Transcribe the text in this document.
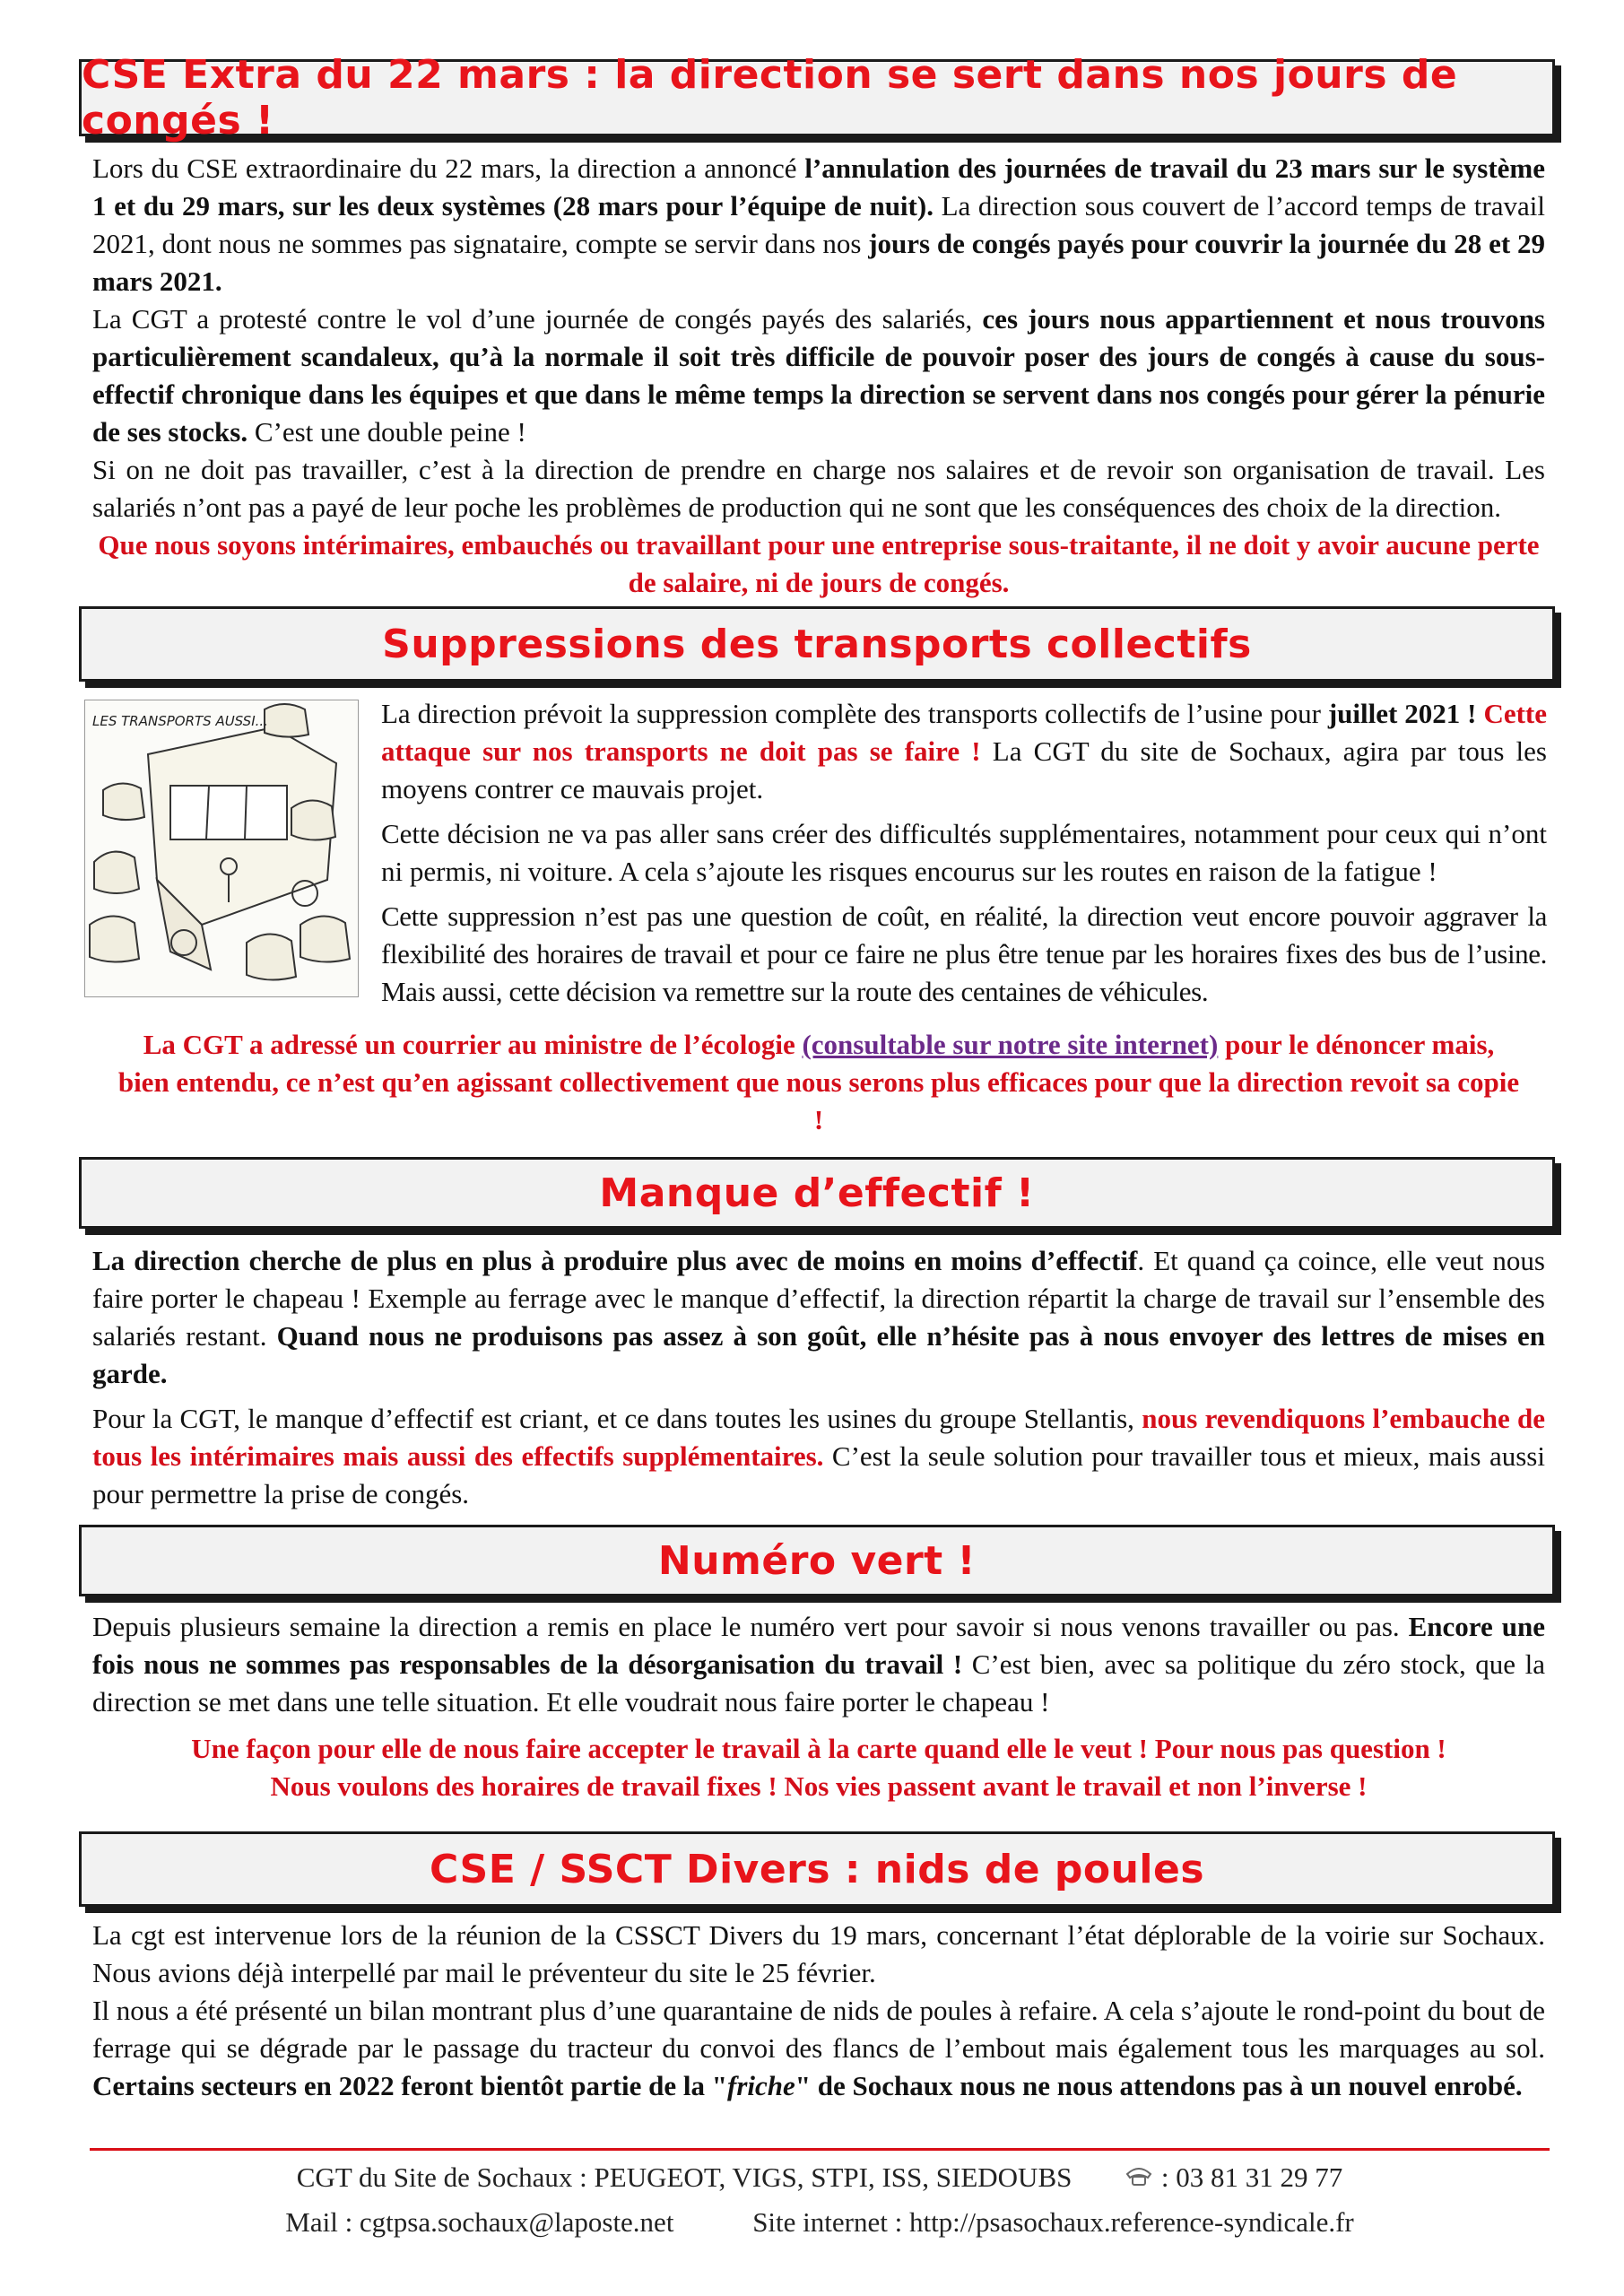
CSE Extra du 22 mars : la direction se sert dans nos jours de congés !

Lors du CSE extraordinaire du 22 mars, la direction a annoncé l’annulation des journées de travail du 23 mars sur le système 1 et du 29 mars, sur les deux systèmes (28 mars pour l’équipe de nuit). La direction sous couvert de l’accord temps de travail 2021, dont nous ne sommes pas signataire, compte se servir dans nos jours de congés payés pour couvrir la journée du 28 et 29 mars 2021.

La CGT a protesté contre le vol d’une journée de congés payés des salariés, ces jours nous appartiennent et nous trouvons particulièrement scandaleux, qu’à la normale il soit très difficile de pouvoir poser des jours de congés à cause du sous-effectif chronique dans les équipes et que dans le même temps la direction se servent dans nos congés pour gérer la pénurie de ses stocks. C’est une double peine !

Si on ne doit pas travailler, c’est à la direction de prendre en charge nos salaires et de revoir son organisation de travail. Les salariés n’ont pas a payé de leur poche les problèmes de production qui ne sont que les conséquences des choix de la direction.

Que nous soyons intérimaires, embauchés ou travaillant pour une entreprise sous-traitante, il ne doit y avoir aucune perte de salaire, ni de jours de congés.

Suppressions des transports collectifs
LES TRANSPORTS AUSSI...	La direction prévoit la suppression complète des transports collectifs de l’usine pour juillet 2021 ! Cette attaque sur nos transports ne doit pas se faire ! La CGT du site de Sochaux, agira par tous les moyens contrer ce mauvais projet.

Cette décision ne va pas aller sans créer des difficultés supplémentaires, notamment pour ceux qui n’ont ni permis, ni voiture. A cela s’ajoute les risques encourus sur les routes en raison de la fatigue !

Cette suppression n’est pas une question de coût, en réalité, la direction veut encore pouvoir aggraver la flexibilité des horaires de travail et pour ce faire ne plus être tenue par les horaires fixes des bus de l’usine. Mais aussi, cette décision va remettre sur la route des centaines de véhicules.

La CGT a adressé un courrier au ministre de l’écologie (consultable sur notre site internet) pour le dénoncer mais, bien entendu, ce n’est qu’en agissant collectivement que nous serons plus efficaces pour que la direction revoit sa copie !

Manque d’effectif !

La direction cherche de plus en plus à produire plus avec de moins en moins d’effectif. Et quand ça coince, elle veut nous faire porter le chapeau ! Exemple au ferrage avec le manque d’effectif, la direction répartit la charge de travail sur l’ensemble des salariés restant. Quand nous ne produisons pas assez à son goût, elle n’hésite pas à nous envoyer des lettres de mises en garde.

Pour la CGT, le manque d’effectif est criant, et ce dans toutes les usines du groupe Stellantis, nous revendiquons l’embauche de tous les intérimaires mais aussi des effectifs supplémentaires. C’est la seule solution pour travailler tous et mieux, mais aussi pour permettre la prise de congés.

Numéro vert !

Depuis plusieurs semaine la direction a remis en place le numéro vert pour savoir si nous venons travailler ou pas. Encore une fois nous ne sommes pas responsables de la désorganisation du travail ! C’est bien, avec sa politique du zéro stock, que la direction se met dans une telle situation. Et elle voudrait nous faire porter le chapeau !

Une façon pour elle de nous faire accepter le travail à la carte quand elle le veut ! Pour nous pas question !

Nous voulons des horaires de travail fixes ! Nos vies passent avant le travail et non l’inverse !

CSE / SSCT Divers : nids de poules

La cgt est intervenue lors de la réunion de la CSSCT Divers du 19 mars, concernant l’état déplorable de la voirie sur Sochaux. Nous avions déjà interpellé par mail le préventeur du site le 25 février.

Il nous a été présenté un bilan montrant plus d’une quarantaine de nids de poules à refaire. A cela s’ajoute le rond-point du bout de ferrage qui se dégrade par le passage du tracteur du convoi des flancs de l’embout mais également tous les marquages au sol. Certains secteurs en 2022 feront bientôt partie de la "friche" de Sochaux nous ne nous attendons pas à un nouvel enrobé.

CGT du Site de Sochaux : PEUGEOT, VIGS, STPI, ISS, SIEDOUBS	: 03 81 31 29 77
Mail : cgtpsa.sochaux@laposte.net	Site internet : http://psasochaux.reference-syndicale.fr
